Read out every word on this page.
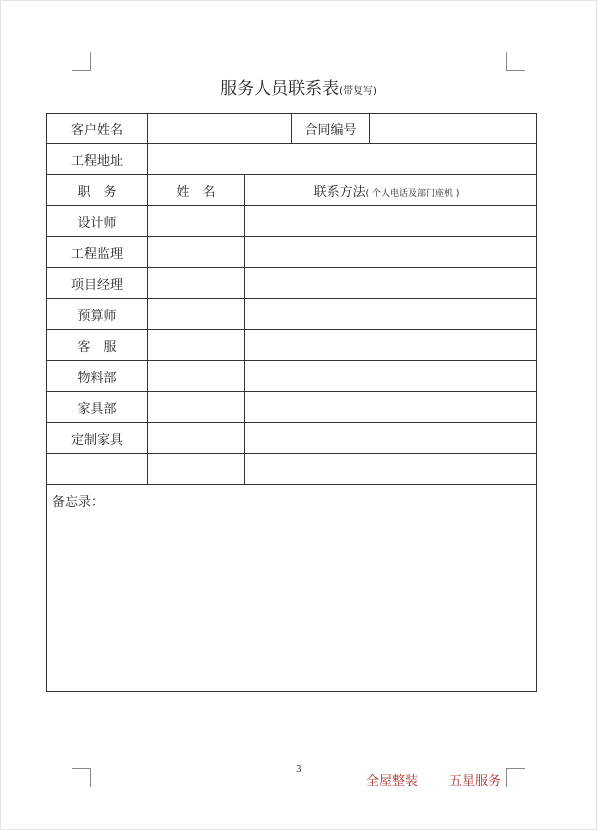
服务人员联系表(带复写)
客户姓名			合同编号	
工程地址				
职　务	姓　名	联系方法( 个人电话及部门座机 )		
设计师				
工程监理				
项目经理				
预算师				
客　服				
物料部				
家具部				
定制家具				

备忘录：				
3
全屋整装 五星服务
